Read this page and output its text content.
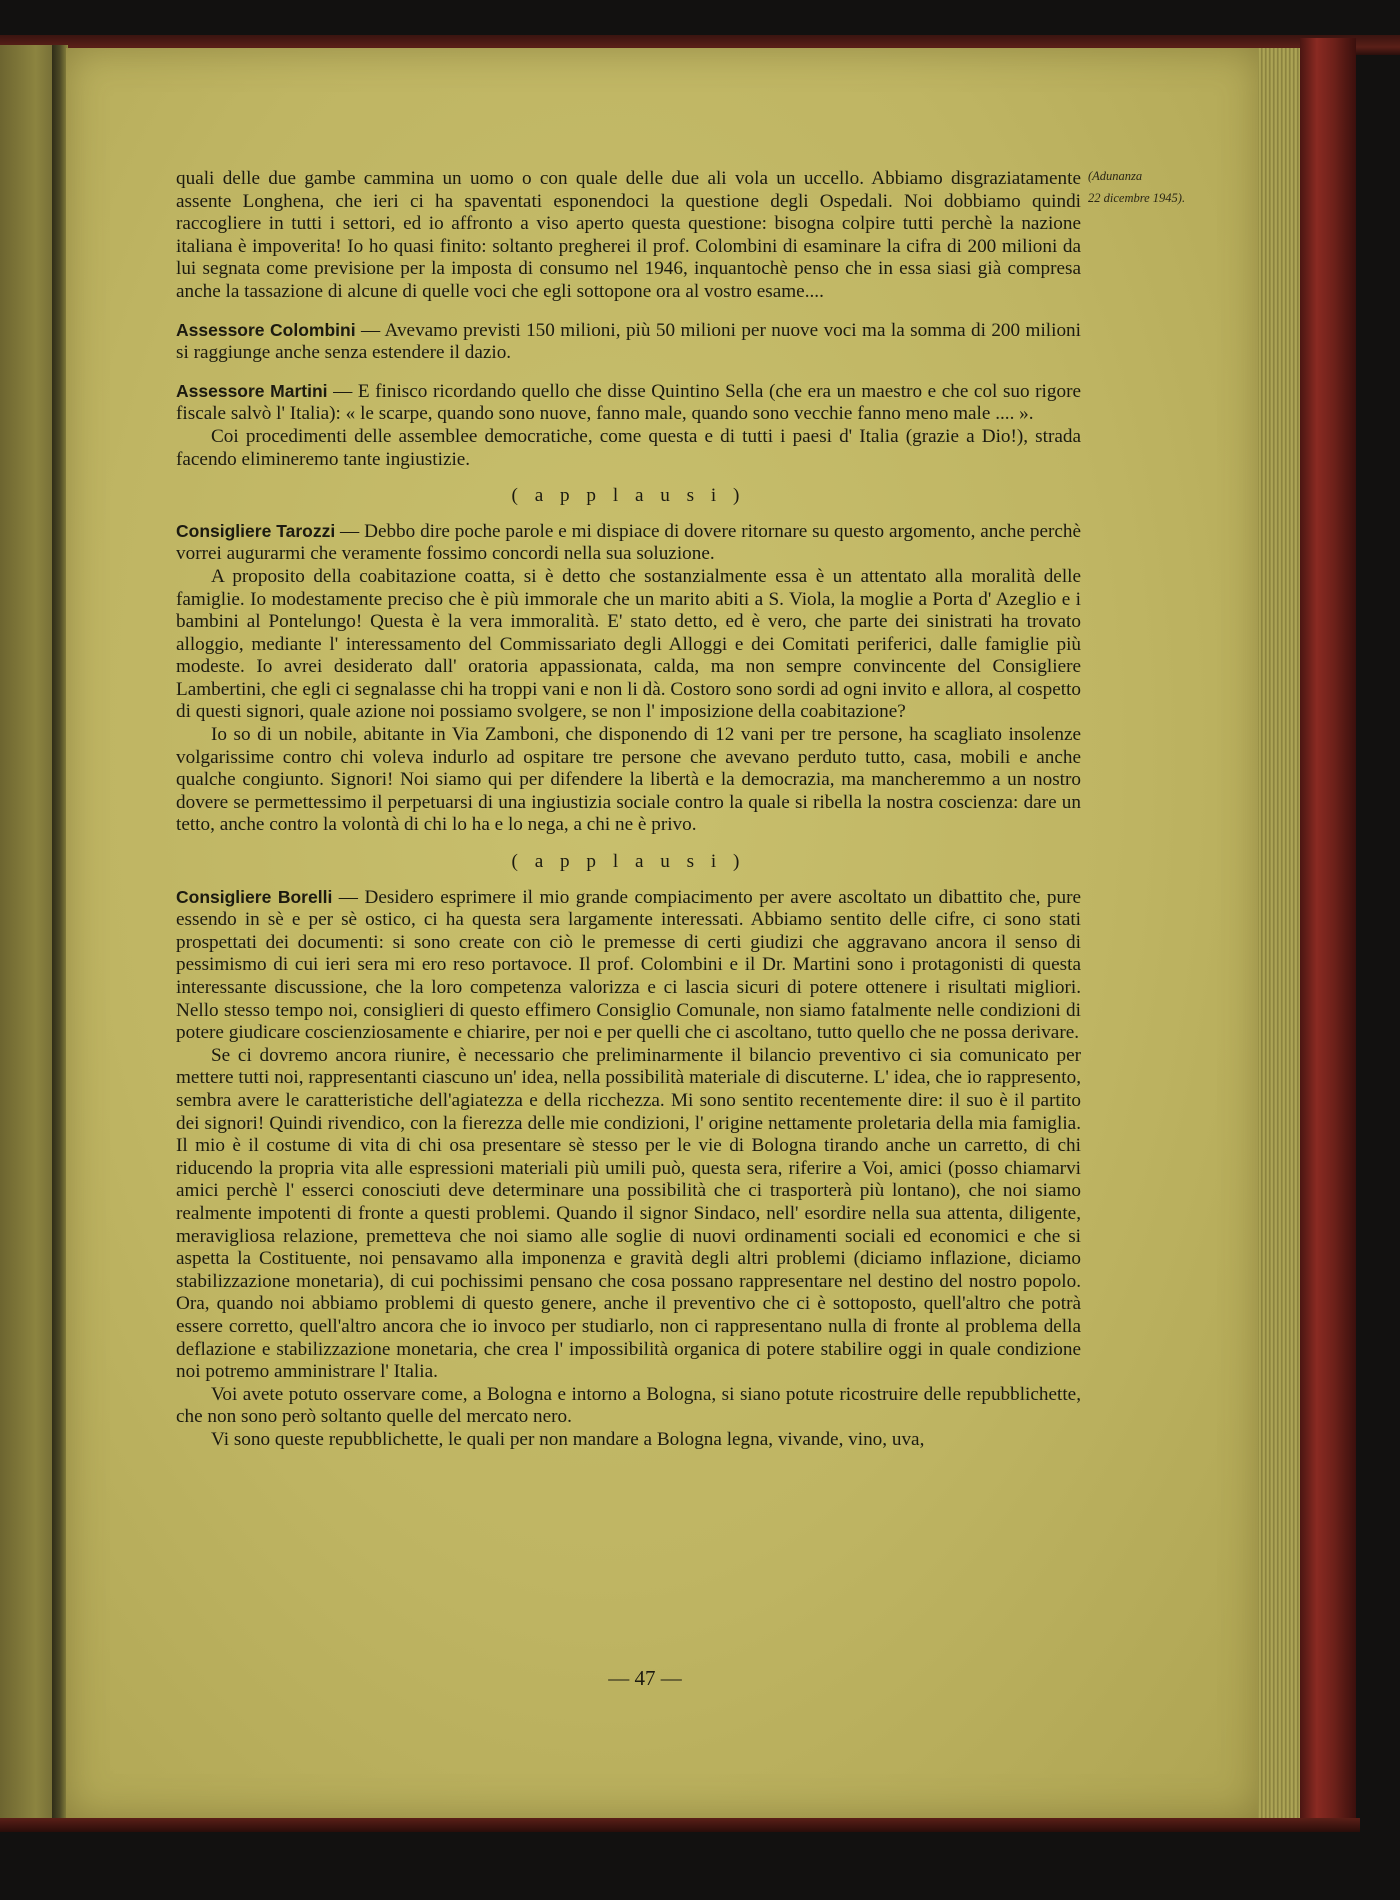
(Adunanza
22 dicembre 1945).

quali delle due gambe cammina un uomo o con quale delle due ali vola un uccello. Abbiamo disgraziatamente assente Longhena, che ieri ci ha spaventati esponendoci la questione degli Ospedali. Noi dobbiamo quindi raccogliere in tutti i settori, ed io affronto a viso aperto questa questione: bisogna colpire tutti perchè la nazione italiana è impoverita! Io ho quasi finito: soltanto pregherei il prof. Colombini di esaminare la cifra di 200 milioni da lui segnata come previsione per la imposta di consumo nel 1946, inquantochè penso che in essa siasi già compresa anche la tassazione di alcune di quelle voci che egli sottopone ora al vostro esame....

Assessore Colombini — Avevamo previsti 150 milioni, più 50 milioni per nuove voci ma la somma di 200 milioni si raggiunge anche senza estendere il dazio.

Assessore Martini — E finisco ricordando quello che disse Quintino Sella (che era un maestro e che col suo rigore fiscale salvò l' Italia): « le scarpe, quando sono nuove, fanno male, quando sono vecchie fanno meno male .... ».

Coi procedimenti delle assemblee democratiche, come questa e di tutti i paesi d' Italia (grazie a Dio!), strada facendo elimineremo tante ingiustizie.

( a p p l a u s i )

Consigliere Tarozzi — Debbo dire poche parole e mi dispiace di dovere ritornare su questo argomento, anche perchè vorrei augurarmi che veramente fossimo concordi nella sua soluzione.

A proposito della coabitazione coatta, si è detto che sostanzialmente essa è un attentato alla moralità delle famiglie. Io modestamente preciso che è più immorale che un marito abiti a S. Viola, la moglie a Porta d' Azeglio e i bambini al Pontelungo! Questa è la vera immoralità. E' stato detto, ed è vero, che parte dei sinistrati ha trovato alloggio, mediante l' interessamento del Commissariato degli Alloggi e dei Comitati periferici, dalle famiglie più modeste. Io avrei desiderato dall' oratoria appassionata, calda, ma non sempre convincente del Consigliere Lambertini, che egli ci segnalasse chi ha troppi vani e non li dà. Costoro sono sordi ad ogni invito e allora, al cospetto di questi signori, quale azione noi possiamo svolgere, se non l' imposizione della coabitazione?

Io so di un nobile, abitante in Via Zamboni, che disponendo di 12 vani per tre persone, ha scagliato insolenze volgarissime contro chi voleva indurlo ad ospitare tre persone che avevano perduto tutto, casa, mobili e anche qualche congiunto. Signori! Noi siamo qui per difendere la libertà e la democrazia, ma mancheremmo a un nostro dovere se permettessimo il perpetuarsi di una ingiustizia sociale contro la quale si ribella la nostra coscienza: dare un tetto, anche contro la volontà di chi lo ha e lo nega, a chi ne è privo.

( a p p l a u s i )

Consigliere Borelli — Desidero esprimere il mio grande compiacimento per avere ascoltato un dibattito che, pure essendo in sè e per sè ostico, ci ha questa sera largamente interessati. Abbiamo sentito delle cifre, ci sono stati prospettati dei documenti: si sono create con ciò le premesse di certi giudizi che aggravano ancora il senso di pessimismo di cui ieri sera mi ero reso portavoce. Il prof. Colombini e il Dr. Martini sono i protagonisti di questa interessante discussione, che la loro competenza valorizza e ci lascia sicuri di potere ottenere i risultati migliori. Nello stesso tempo noi, consiglieri di questo effimero Consiglio Comunale, non siamo fatalmente nelle condizioni di potere giudicare coscienziosamente e chiarire, per noi e per quelli che ci ascoltano, tutto quello che ne possa derivare.

Se ci dovremo ancora riunire, è necessario che preliminarmente il bilancio preventivo ci sia comunicato per mettere tutti noi, rappresentanti ciascuno un' idea, nella possibilità materiale di discuterne. L' idea, che io rappresento, sembra avere le caratteristiche dell'agiatezza e della ricchezza. Mi sono sentito recentemente dire: il suo è il partito dei signori! Quindi rivendico, con la fierezza delle mie condizioni, l' origine nettamente proletaria della mia famiglia. Il mio è il costume di vita di chi osa presentare sè stesso per le vie di Bologna tirando anche un carretto, di chi riducendo la propria vita alle espressioni materiali più umili può, questa sera, riferire a Voi, amici (posso chiamarvi amici perchè l' esserci conosciuti deve determinare una possibilità che ci trasporterà più lontano), che noi siamo realmente impotenti di fronte a questi problemi. Quando il signor Sindaco, nell' esordire nella sua attenta, diligente, meravigliosa relazione, premetteva che noi siamo alle soglie di nuovi ordinamenti sociali ed economici e che si aspetta la Costituente, noi pensavamo alla imponenza e gravità degli altri problemi (diciamo inflazione, diciamo stabilizzazione monetaria), di cui pochissimi pensano che cosa possano rappresentare nel destino del nostro popolo. Ora, quando noi abbiamo problemi di questo genere, anche il preventivo che ci è sottoposto, quell'altro che potrà essere corretto, quell'altro ancora che io invoco per studiarlo, non ci rappresentano nulla di fronte al problema della deflazione e stabilizzazione monetaria, che crea l' impossibilità organica di potere stabilire oggi in quale condizione noi potremo amministrare l' Italia.

Voi avete potuto osservare come, a Bologna e intorno a Bologna, si siano potute ricostruire delle repubblichette, che non sono però soltanto quelle del mercato nero.

Vi sono queste repubblichette, le quali per non mandare a Bologna legna, vivande, vino, uva,

— 47 —
